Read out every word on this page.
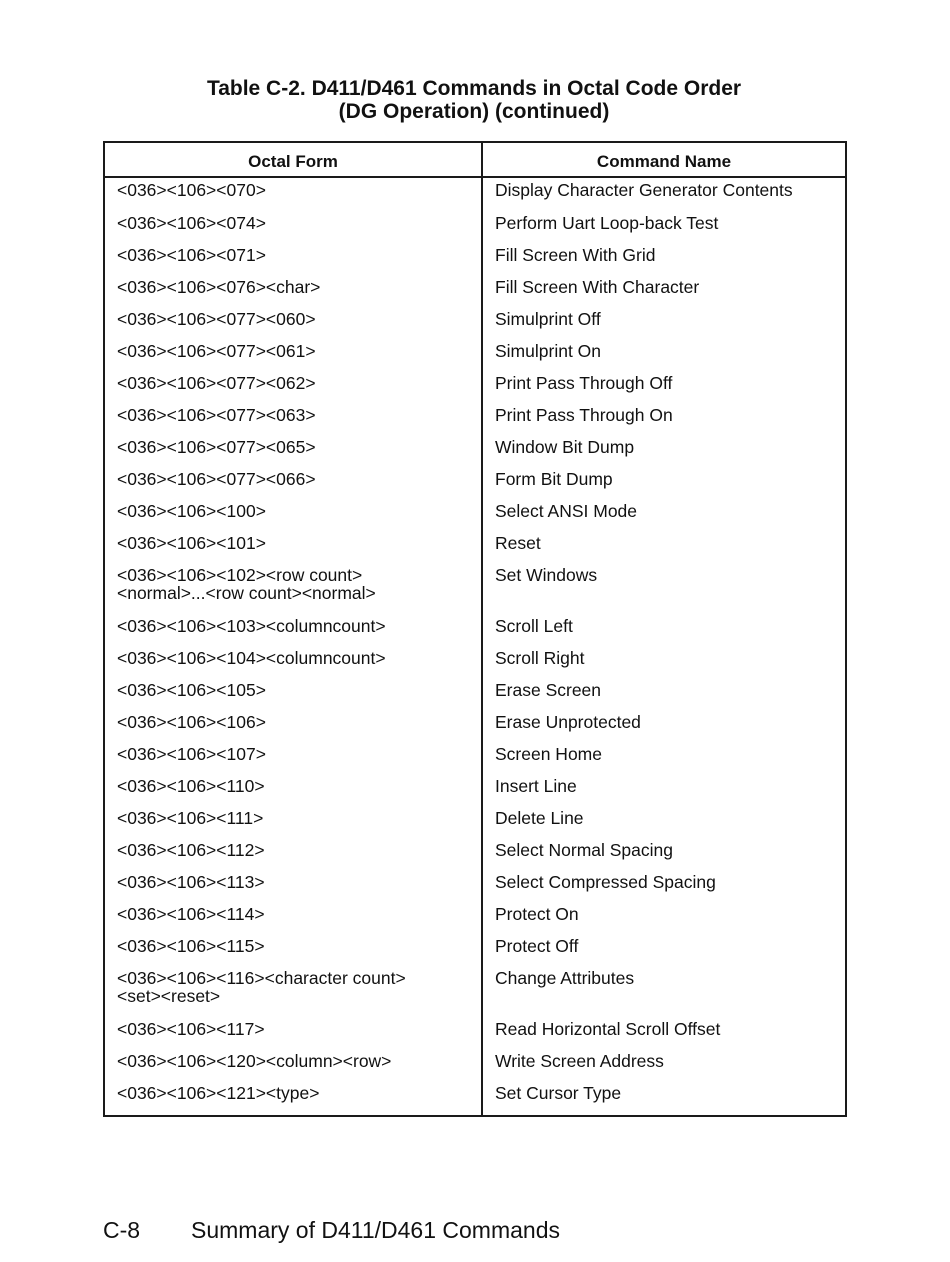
Table C-2. D411/D461 Commands in Octal Code Order
(DG Operation) (continued)
Octal Form	Command Name

<036><106><070>	Display Character Generator Contents

<036><106><074>	Perform Uart Loop-back Test

<036><106><071>	Fill Screen With Grid

<036><106><076><char>	Fill Screen With Character

<036><106><077><060>	Simulprint Off

<036><106><077><061>	Simulprint On

<036><106><077><062>	Print Pass Through Off

<036><106><077><063>	Print Pass Through On

<036><106><077><065>	Window Bit Dump

<036><106><077><066>	Form Bit Dump

<036><106><100>	Select ANSI Mode

<036><106><101>	Reset

<036><106><102><row count>
<normal>...<row count><normal>	Set Windows

<036><106><103><columncount>	Scroll Left

<036><106><104><columncount>	Scroll Right

<036><106><105>	Erase Screen

<036><106><106>	Erase Unprotected

<036><106><107>	Screen Home

<036><106><110>	Insert Line

<036><106><111>	Delete Line

<036><106><112>	Select Normal Spacing

<036><106><113>	Select Compressed Spacing

<036><106><114>	Protect On

<036><106><115>	Protect Off

<036><106><116><character count>
<set><reset>	Change Attributes

<036><106><117>	Read Horizontal Scroll Offset

<036><106><120><column><row>	Write Screen Address

<036><106><121><type>	Set Cursor Type
C-8 Summary of D411/D461 Commands
